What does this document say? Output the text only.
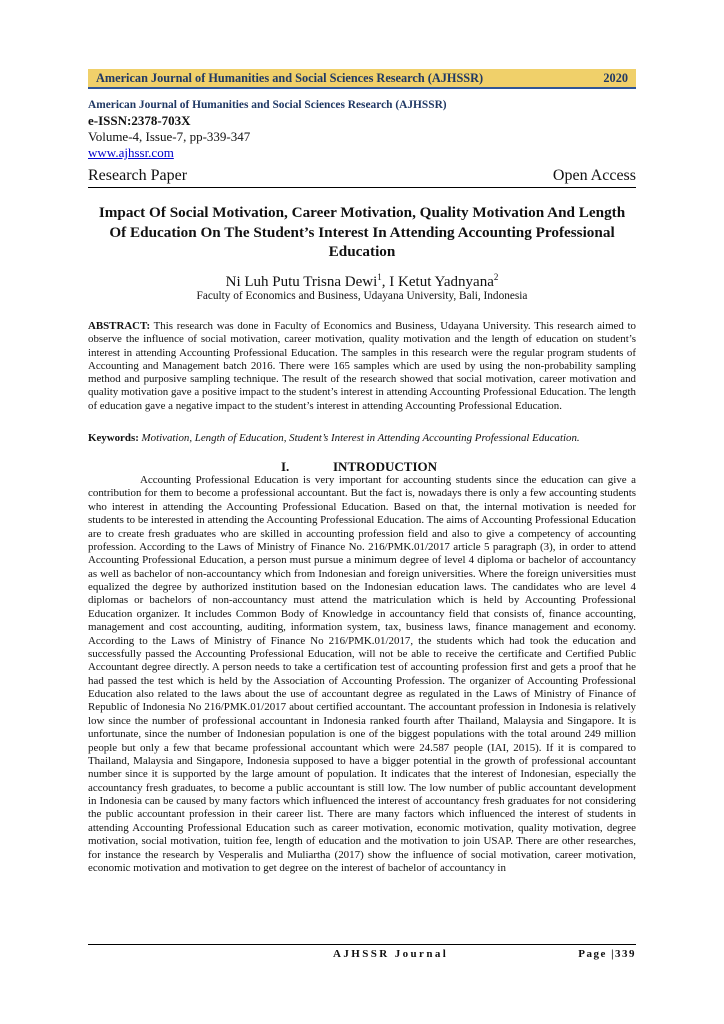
American Journal of Humanities and Social Sciences Research (AJHSSR)	2020
American Journal of Humanities and Social Sciences Research (AJHSSR)
e-ISSN:2378-703X
Volume-4, Issue-7, pp-339-347
www.ajhssr.com
Research Paper	Open Access
Impact Of Social Motivation, Career Motivation, Quality Motivation And Length Of Education On The Student’s Interest In Attending Accounting Professional Education
Ni Luh Putu Trisna Dewi$^1$, I Ketut Yadnyana$^2$
Faculty of Economics and Business, Udayana University, Bali, Indonesia
ABSTRACT: This research was done in Faculty of Economics and Business, Udayana University. This research aimed to observe the influence of social motivation, career motivation, quality motivation and the length of education on student’s interest in attending Accounting Professional Education. The samples in this research were the regular program students of Accounting and Management batch 2016. There were 165 samples which are used by using the non-probability sampling method and purposive sampling technique. The result of the research showed that social motivation, career motivation and quality motivation gave a positive impact to the student’s interest in attending Accounting Professional Education. The length of education gave a negative impact to the student’s interest in attending Accounting Professional Education.
Keywords: Motivation, Length of Education, Student’s Interest in Attending Accounting Professional Education.
I.	INTRODUCTION
Accounting Professional Education is very important for accounting students since the education can give a contribution for them to become a professional accountant. But the fact is, nowadays there is only a few accounting students who interest in attending the Accounting Professional Education. Based on that, the internal motivation is needed for students to be interested in attending the Accounting Professional Education. The aims of Accounting Professional Education are to create fresh graduates who are skilled in accounting profession field and also to give a competency of accounting profession. According to the Laws of Ministry of Finance No. 216/PMK.01/2017 article 5 paragraph (3), in order to attend Accounting Professional Education, a person must pursue a minimum degree of level 4 diploma or bachelor of accountancy as well as bachelor of non-accountancy which from Indonesian and foreign universities. Where the foreign universities must equalized the degree by authorized institution based on the Indonesian education laws. The candidates who are level 4 diplomas or bachelors of non-accountancy must attend the matriculation which is held by Accounting Professional Education organizer. It includes Common Body of Knowledge in accountancy field that consists of, finance accounting, management and cost accounting, auditing, information system, tax, business laws, finance management and economy. According to the Laws of Ministry of Finance No 216/PMK.01/2017, the students which had took the education and successfully passed the Accounting Professional Education, will not be able to receive the certificate and Certified Public Accountant degree directly. A person needs to take a certification test of accounting profession first and gets a proof that he had passed the test which is held by the Association of Accounting Profession. The organizer of Accounting Professional Education also related to the laws about the use of accountant degree as regulated in the Laws of Ministry of Finance of Republic of Indonesia No 216/PMK.01/2017 about certified accountant. The accountant profession in Indonesia is relatively low since the number of professional accountant in Indonesia ranked fourth after Thailand, Malaysia and Singapore. It is unfortunate, since the number of Indonesian population is one of the biggest populations with the total around 249 million people but only a few that became professional accountant which were 24.587 people (IAI, 2015). If it is compared to Thailand, Malaysia and Singapore, Indonesia supposed to have a bigger potential in the growth of professional accountant number since it is supported by the large amount of population. It indicates that the interest of Indonesian, especially the accountancy fresh graduates, to become a public accountant is still low. The low number of public accountant development in Indonesia can be caused by many factors which influenced the interest of accountancy fresh graduates for not considering the public accountant profession in their career list. There are many factors which influenced the interest of students in attending Accounting Professional Education such as career motivation, economic motivation, quality motivation, degree motivation, social motivation, tuition fee, length of education and the motivation to join USAP. There are other researches, for instance the research by Vesperalis and Muliartha (2017) show the influence of social motivation, career motivation, economic motivation and motivation to get degree on the interest of bachelor of accountancy in
AJHSSR Journal	Page |339
